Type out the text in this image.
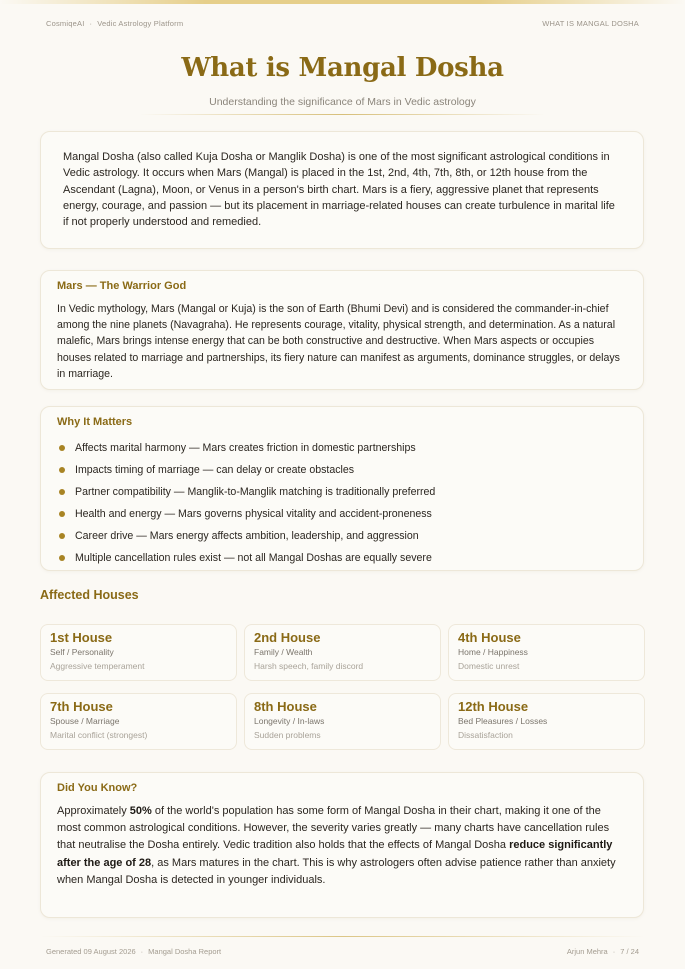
CosmiqeAI · Vedic Astrology Platform	WHAT IS MANGAL DOSHA
What is Mangal Dosha
Understanding the significance of Mars in Vedic astrology

Mangal Dosha (also called Kuja Dosha or Manglik Dosha) is one of the most significant astrological conditions in Vedic astrology. It occurs when Mars (Mangal) is placed in the 1st, 2nd, 4th, 7th, 8th, or 12th house from the Ascendant (Lagna), Moon, or Venus in a person's birth chart. Mars is a fiery, aggressive planet that represents energy, courage, and passion — but its placement in marriage-related houses can create turbulence in marital life if not properly understood and remedied.

Mars — The Warrior God

In Vedic mythology, Mars (Mangal or Kuja) is the son of Earth (Bhumi Devi) and is considered the commander-in-chief among the nine planets (Navagraha). He represents courage, vitality, physical strength, and determination. As a natural malefic, Mars brings intense energy that can be both constructive and destructive. When Mars aspects or occupies houses related to marriage and partnerships, its fiery nature can manifest as arguments, dominance struggles, or delays in marriage.

Why It Matters
Affects marital harmony — Mars creates friction in domestic partnerships
Impacts timing of marriage — can delay or create obstacles
Partner compatibility — Manglik-to-Manglik matching is traditionally preferred
Health and energy — Mars governs physical vitality and accident-proneness
Career drive — Mars energy affects ambition, leadership, and aggression
Multiple cancellation rules exist — not all Mangal Doshas are equally severe
Affected Houses
1st House
Self / Personality
Aggressive temperament
2nd House
Family / Wealth
Harsh speech, family discord
4th House
Home / Happiness
Domestic unrest
7th House
Spouse / Marriage
Marital conflict (strongest)
8th House
Longevity / In-laws
Sudden problems
12th House
Bed Pleasures / Losses
Dissatisfaction
Did You Know?

Approximately 50% of the world's population has some form of Mangal Dosha in their chart, making it one of the most common astrological conditions. However, the severity varies greatly — many charts have cancellation rules that neutralise the Dosha entirely. Vedic tradition also holds that the effects of Mangal Dosha reduce significantly after the age of 28, as Mars matures in the chart. This is why astrologers often advise patience rather than anxiety when Mangal Dosha is detected in younger individuals.

Generated 09 August 2026 · Mangal Dosha Report	Arjun Mehra · 7 / 24
